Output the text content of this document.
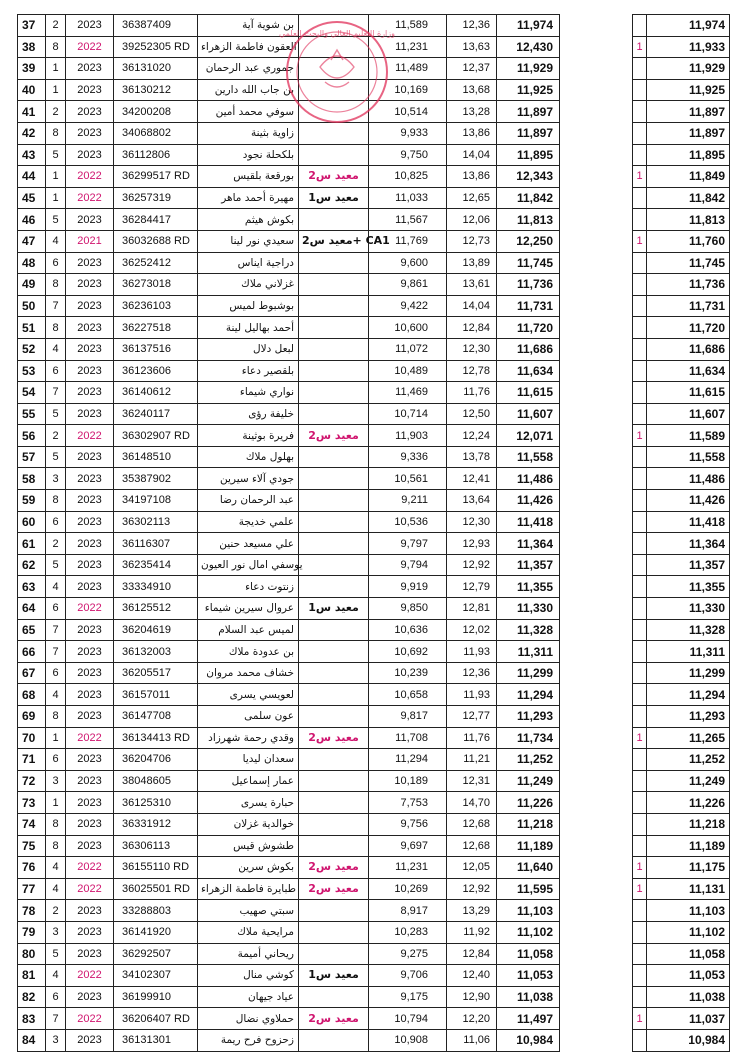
37	2	2023	36387409	بن شوية آية		11,589	12,36	11,974			11,974
38	8	2022	39252305 RD	العقون فاطمة الزهراء		11,231	13,63	12,430		1	11,933
39	1	2023	36131020	جموري عبد الرحمان		11,489	12,37	11,929			11,929
40	1	2023	36130212	بن جاب الله دارين		10,169	13,68	11,925			11,925
41	2	2023	34200208	سوفي محمد أمين		10,514	13,28	11,897			11,897
42	8	2023	34068802	زاوية بثينة		9,933	13,86	11,897			11,897
43	5	2023	36112806	بلكحلة نجود		9,750	14,04	11,895			11,895
44	1	2022	36299517 RD	بورقعة بلقيس	معيد س2	10,825	13,86	12,343		1	11,849
45	1	2022	36257319	مهيرة أحمد ماهر	معيد س1	11,033	12,65	11,842			11,842
46	5	2023	36284417	بكوش هيثم		11,567	12,06	11,813			11,813
47	4	2021	36032688 RD	سعيدي نور لينا	معيد س2+ CA1	11,769	12,73	12,250		1	11,760
48	6	2023	36252412	دراجية ايناس		9,600	13,89	11,745			11,745
49	8	2023	36273018	غزلاني ملاك		9,861	13,61	11,736			11,736
50	7	2023	36236103	بوشبوط لميس		9,422	14,04	11,731			11,731
51	8	2023	36227518	أحمد بهاليل لينة		10,600	12,84	11,720			11,720
52	4	2023	36137516	لبعل دلال		11,072	12,30	11,686			11,686
53	6	2023	36123606	بلقصير دعاء		10,489	12,78	11,634			11,634
54	7	2023	36140612	نواري شيماء		11,469	11,76	11,615			11,615
55	5	2023	36240117	خليفة رؤى		10,714	12,50	11,607			11,607
56	2	2022	36302907 RD	فريرة بوثينة	معيد س2	11,903	12,24	12,071		1	11,589
57	5	2023	36148510	بهلول ملاك		9,336	13,78	11,558			11,558
58	3	2023	35387902	جودي آلاء سيرين		10,561	12,41	11,486			11,486
59	8	2023	34197108	عبد الرحمان رضا		9,211	13,64	11,426			11,426
60	6	2023	36302113	علمي خديجة		10,536	12,30	11,418			11,418
61	2	2023	36116307	علي مسيعد حنين		9,797	12,93	11,364			11,364
62	5	2023	36235414	يوسفي امال نور العيون		9,794	12,92	11,357			11,357
63	4	2023	33334910	زنتوت دعاء		9,919	12,79	11,355			11,355
64	6	2022	36125512	عروال سيرين شيماء	معيد س1	9,850	12,81	11,330			11,330
65	7	2023	36204619	لميس عبد السلام		10,636	12,02	11,328			11,328
66	7	2023	36132003	بن عدودة ملاك		10,692	11,93	11,311			11,311
67	6	2023	36205517	خشاف محمد مروان		10,239	12,36	11,299			11,299
68	4	2023	36157011	لعويسي يسرى		10,658	11,93	11,294			11,294
69	8	2023	36147708	عون سلمى		9,817	12,77	11,293			11,293
70	1	2022	36134413 RD	وقدي رحمة شهرزاد	معيد س2	11,708	11,76	11,734		1	11,265
71	6	2023	36204706	سعدان ليديا		11,294	11,21	11,252			11,252
72	3	2023	38048605	عمار إسماعيل		10,189	12,31	11,249			11,249
73	1	2023	36125310	حبارة يسرى		7,753	14,70	11,226			11,226
74	8	2023	36331912	خوالدية غزلان		9,756	12,68	11,218			11,218
75	8	2023	36306113	طشوش قيس		9,697	12,68	11,189			11,189
76	4	2022	36155110 RD	بكوش سرين	معيد س2	11,231	12,05	11,640		1	11,175
77	4	2022	36025501 RD	طبايرة فاطمة الزهراء	معيد س2	10,269	12,92	11,595		1	11,131
78	2	2023	33288803	سبتي صهيب		8,917	13,29	11,103			11,103
79	3	2023	36141920	مرايحية ملاك		10,283	11,92	11,102			11,102
80	5	2023	36292507	ريحاني أميمة		9,275	12,84	11,058			11,058
81	4	2022	34102307	كوشي منال	معيد س1	9,706	12,40	11,053			11,053
82	6	2023	36199910	عياد جيهان		9,175	12,90	11,038			11,038
83	7	2022	36206407 RD	حملاوي نضال	معيد س2	10,794	12,20	11,497		1	11,037
84	3	2023	36131301	زحزوح فرح ريمة		10,908	11,06	10,984			10,984
وزارة التعليم العالي والبحث العلمي
